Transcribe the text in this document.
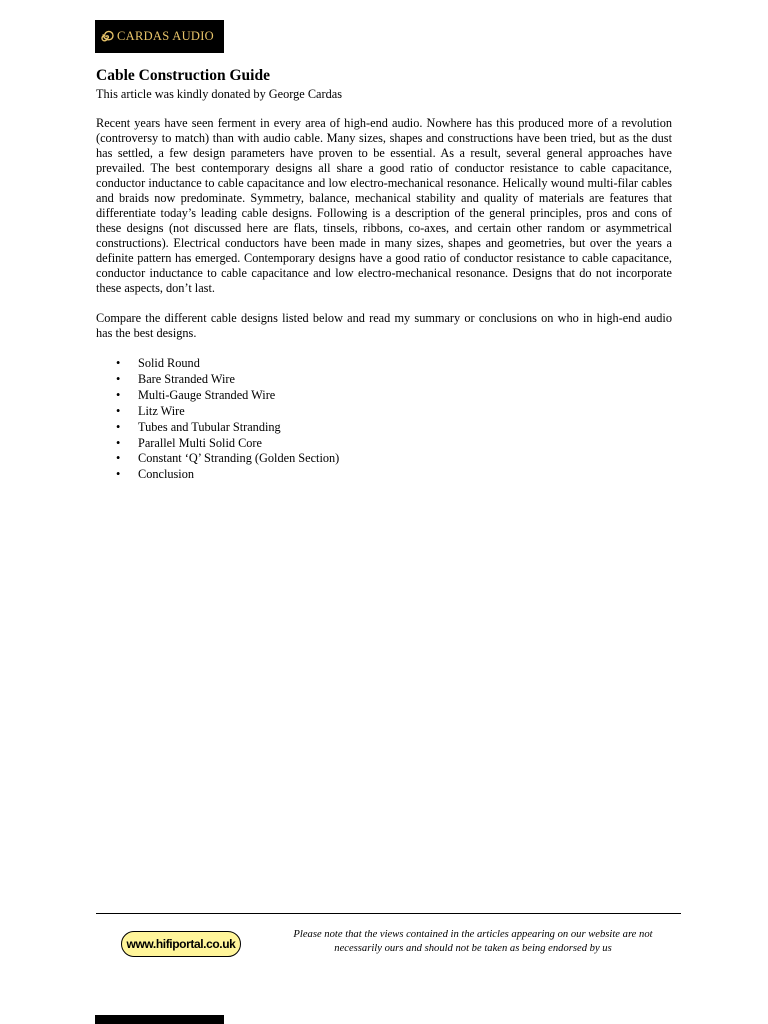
CARDAS AUDIO
Cable Construction Guide

This article was kindly donated by George Cardas

Recent years have seen ferment in every area of high-end audio. Nowhere has this produced more of a revolution (controversy to match) than with audio cable. Many sizes, shapes and constructions have been tried, but as the dust has settled, a few design parameters have proven to be essential. As a result, several general approaches have prevailed. The best contemporary designs all share a good ratio of conductor resistance to cable capacitance, conductor inductance to cable capacitance and low electro-mechanical resonance. Helically wound multi-filar cables and braids now predominate. Symmetry, balance, mechanical stability and quality of materials are features that differentiate today’s leading cable designs. Following is a description of the general principles, pros and cons of these designs (not discussed here are flats, tinsels, ribbons, co-axes, and certain other random or asymmetrical constructions). Electrical conductors have been made in many sizes, shapes and geometries, but over the years a definite pattern has emerged. Contemporary designs have a good ratio of conductor resistance to cable capacitance, conductor inductance to cable capacitance and low electro-mechanical resonance. Designs that do not incorporate these aspects, don’t last.

Compare the different cable designs listed below and read my summary or conclusions on who in high-end audio has the best designs.

• Solid Round
• Bare Stranded Wire
• Multi-Gauge Stranded Wire
• Litz Wire
• Tubes and Tubular Stranding
• Parallel Multi Solid Core
• Constant ‘Q’ Stranding (Golden Section)
• Conclusion
www.hifiportal.co.uk

Please note that the views contained in the articles appearing on our website are not
necessarily ours and should not be taken as being endorsed by us
